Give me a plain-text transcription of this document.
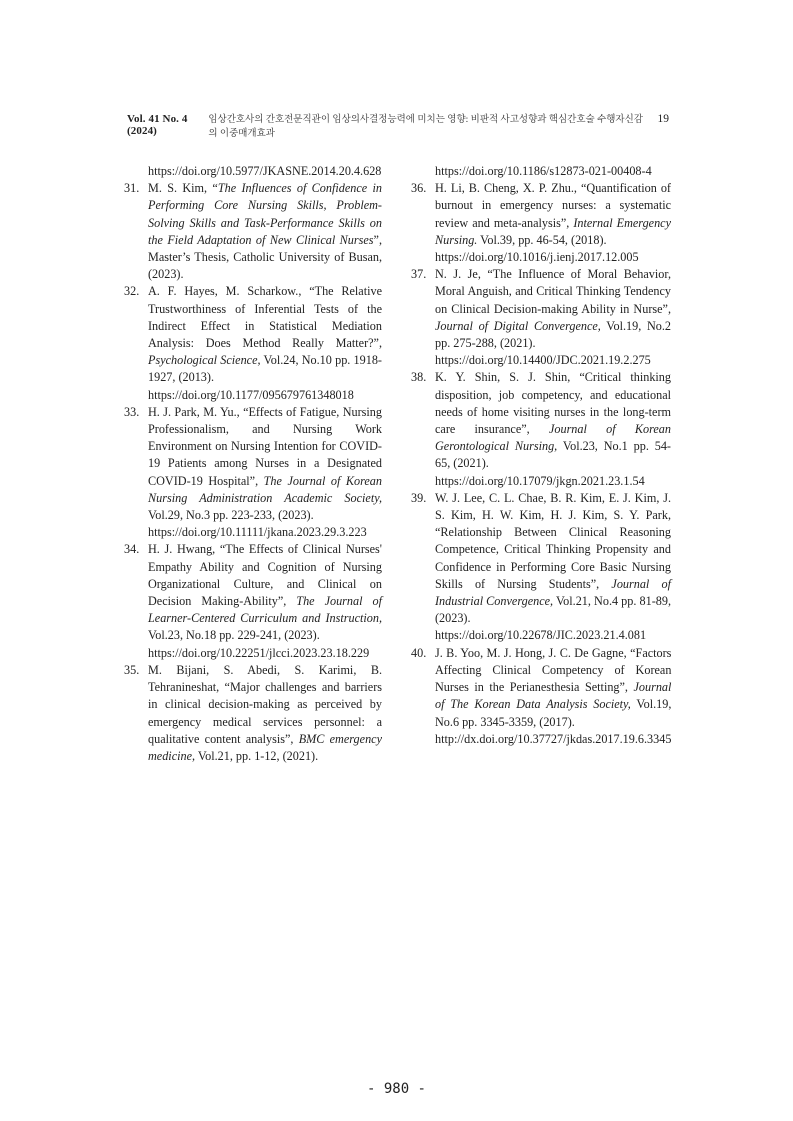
Vol. 41 No. 4 (2024)
임상간호사의 간호전문직관이 임상의사결정능력에 미치는 영향: 비판적 사고성향과 핵심간호술 수행자신감의 이중매개효과
19
https://doi.org/10.5977/JKASNE.2014.20.4.628
31. M. S. Kim, “The Influences of Confidence in Performing Core Nursing Skills, Problem-Solving Skills and Task-Performance Skills on the Field Adaptation of New Clinical Nurses”, Master’s Thesis, Catholic University of Busan, (2023).
32. A. F. Hayes, M. Scharkow., “The Relative Trustworthiness of Inferential Tests of the Indirect Effect in Statistical Mediation Analysis: Does Method Really Matter?”, Psychological Science, Vol.24, No.10 pp. 1918-1927, (2013).
https://doi.org/10.1177/095679761348018
33. H. J. Park, M. Yu., “Effects of Fatigue, Nursing Professionalism, and Nursing Work Environment on Nursing Intention for COVID-19 Patients among Nurses in a Designated COVID-19 Hospital”, The Journal of Korean Nursing Administration Academic Society, Vol.29, No.3 pp. 223-233, (2023).
https://doi.org/10.11111/jkana.2023.29.3.223
34. H. J. Hwang, “The Effects of Clinical Nurses' Empathy Ability and Cognition of Nursing Organizational Culture, and Clinical on Decision Making-Ability”, The Journal of Learner-Centered Curriculum and Instruction, Vol.23, No.18 pp. 229-241, (2023).
https://doi.org/10.22251/jlcci.2023.23.18.229
35. M. Bijani, S. Abedi, S. Karimi, B. Tehranineshat, “Major challenges and barriers in clinical decision-making as perceived by emergency medical services personnel: a qualitative content analysis”, BMC emergency medicine, Vol.21, pp. 1-12, (2021).
https://doi.org/10.1186/s12873-021-00408-4
36. H. Li, B. Cheng, X. P. Zhu., “Quantification of burnout in emergency nurses: a systematic review and meta-analysis”, Internal Emergency Nursing. Vol.39, pp. 46-54, (2018).
https://doi.org/10.1016/j.ienj.2017.12.005
37. N. J. Je, “The Influence of Moral Behavior, Moral Anguish, and Critical Thinking Tendency on Clinical Decision-making Ability in Nurse”, Journal of Digital Convergence, Vol.19, No.2 pp. 275-288, (2021).
https://doi.org/10.14400/JDC.2021.19.2.275
38. K. Y. Shin, S. J. Shin, “Critical thinking disposition, job competency, and educational needs of home visiting nurses in the long-term care insurance”, Journal of Korean Gerontological Nursing, Vol.23, No.1 pp. 54-65, (2021).
https://doi.org/10.17079/jkgn.2021.23.1.54
39. W. J. Lee, C. L. Chae, B. R. Kim, E. J. Kim, J. S. Kim, H. W. Kim, H. J. Kim, S. Y. Park, “Relationship Between Clinical Reasoning Competence, Critical Thinking Propensity and Confidence in Performing Core Basic Nursing Skills of Nursing Students”, Journal of Industrial Convergence, Vol.21, No.4 pp. 81-89, (2023).
https://doi.org/10.22678/JIC.2023.21.4.081
40. J. B. Yoo, M. J. Hong, J. C. De Gagne, “Factors Affecting Clinical Competency of Korean Nurses in the Perianesthesia Setting”, Journal of The Korean Data Analysis Society, Vol.19, No.6 pp. 3345-3359, (2017).
http://dx.doi.org/10.37727/jkdas.2017.19.6.3345
- 980 -
